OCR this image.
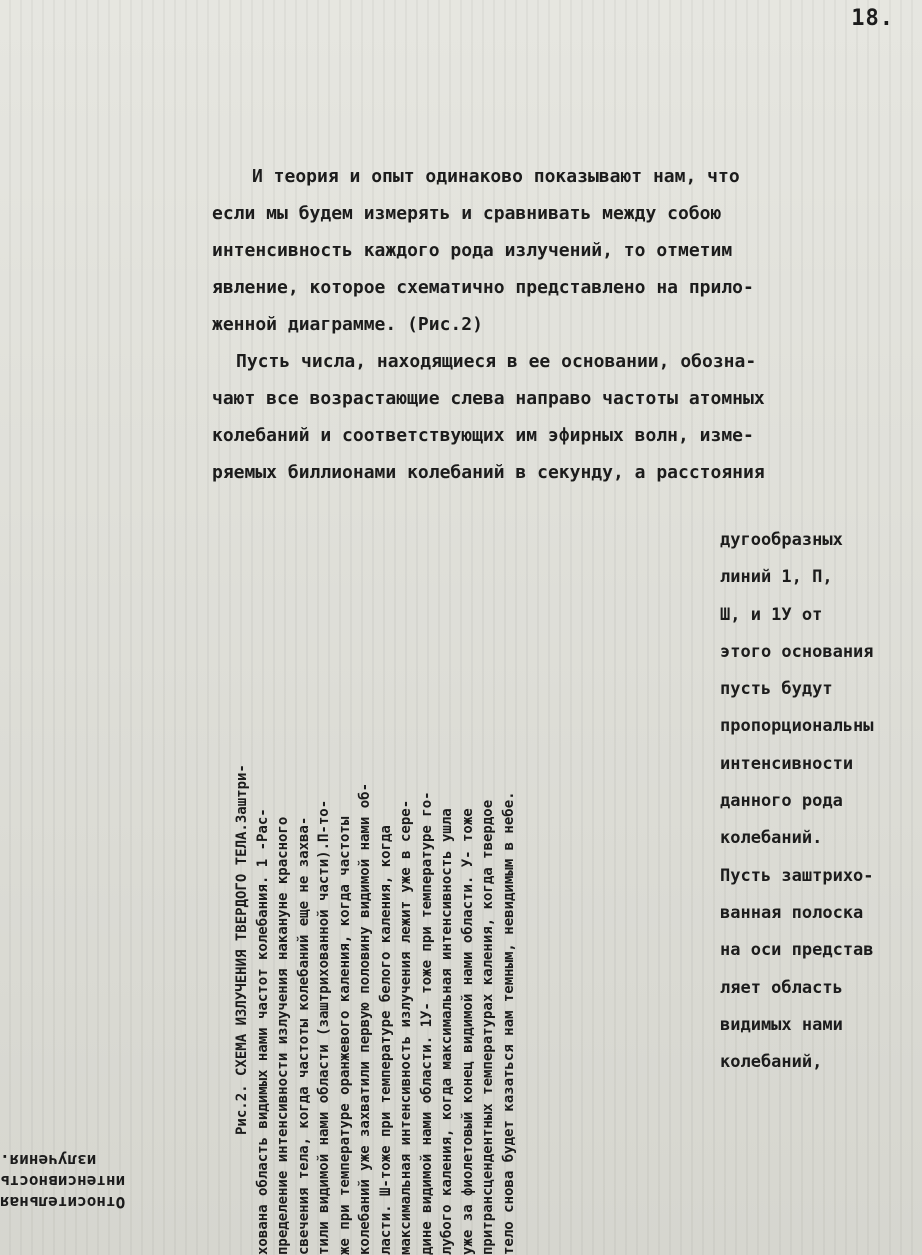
18.
И теория и опыт одинаково показывают нам, что
если мы будем измерять и сравнивать между собою
интенсивность каждого рода излучений, то отметим
явление, которое схематично представлено на прило-
женной диаграмме. (Рис.2)
Пусть числа, находящиеся в ее основании, обозна-
чают все возрастающие слева направо частоты атомных
колебаний и соответствующих им эфирных волн, изме-
ряемых биллионами колебаний в секунду, а расстояния
Рис.2. СХЕМА ИЗЛУЧЕНИЯ ТВЕРДОГО ТЕЛА.Заштри- хована область видимых нами частот колебания. 1 -Рас- пределение интенсивности излучения накануне красного свечения тела, когда частоты колебаний еще не захва- тили видимой нами области (заштрихованной части).П-то- же при температуре оранжевого каления, когда частоты колебаний уже захватили первую половину видимой нами об- ласти. Ш-тоже при температуре белого каления, когда максимальная интенсивность излучения лежит уже в сере- дине видимой нами области. 1У- тоже при температуре го- лубого каления, когда максимальная интенсивность ушла уже за фиолетовый конец видимой нами области. У- тоже притрансцендентных температурах каления, когда твердое тело снова будет казаться нам темным, невидимым в небе.
дугообразных
линий 1, П,
Ш, и 1У от
этого основания
пусть будут
пропорциональны
интенсивности
данного рода
колебаний.
Пусть заштрихо-
ванная полоска
на оси представ
ляет область
видимых нами
колебаний,
Относительная
интенсивность
излучения.
